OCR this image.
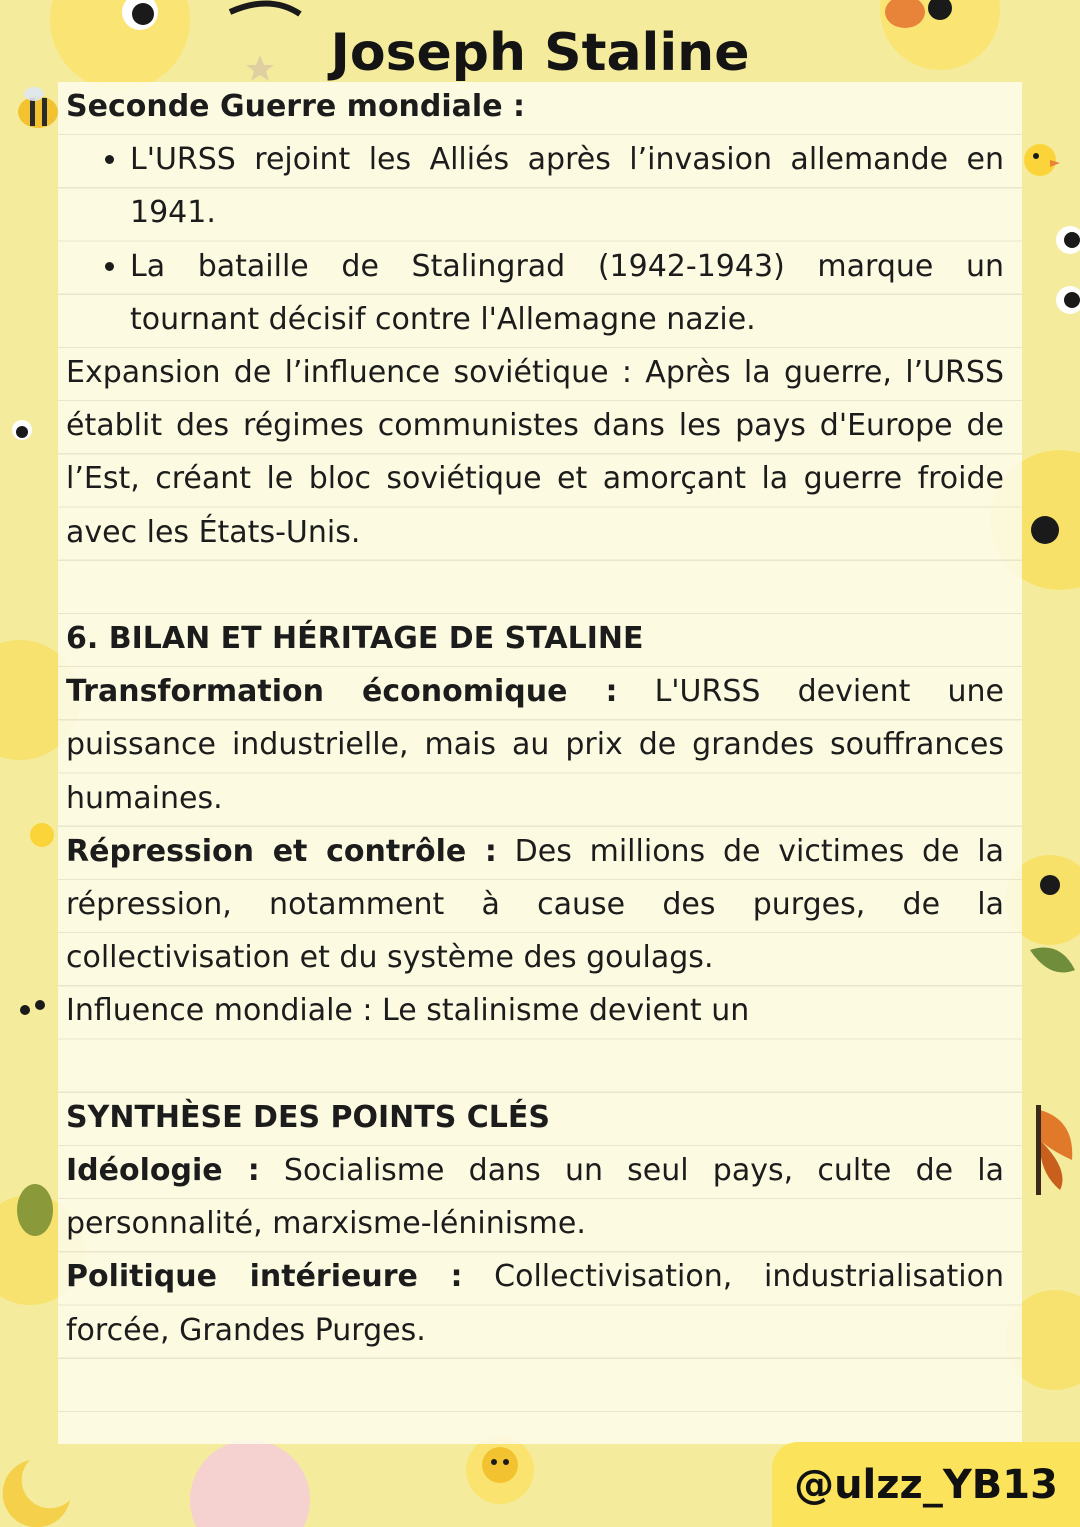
Joseph Staline

Seconde Guerre mondiale :

• L'URSS rejoint les Alliés après l’invasion allemande en 1941.
• La bataille de Stalingrad (1942-1943) marque un tournant décisif contre l'Allemagne nazie.

Expansion de l’influence soviétique : Après la guerre, l’URSS établit des régimes communistes dans les pays d'Europe de l’Est, créant le bloc soviétique et amorçant la guerre froide avec les États-Unis.

6. BILAN ET HÉRITAGE DE STALINE

Transformation économique : L'URSS devient une puissance industrielle, mais au prix de grandes souffrances humaines.

Répression et contrôle : Des millions de victimes de la répression, notamment à cause des purges, de la collectivisation et du système des goulags.

Influence mondiale : Le stalinisme devient un

SYNTHÈSE DES POINTS CLÉS

Idéologie : Socialisme dans un seul pays, culte de la personnalité, marxisme-léninisme.

Politique intérieure : Collectivisation, industrialisation forcée, Grandes Purges.

@ulzz_YB13
